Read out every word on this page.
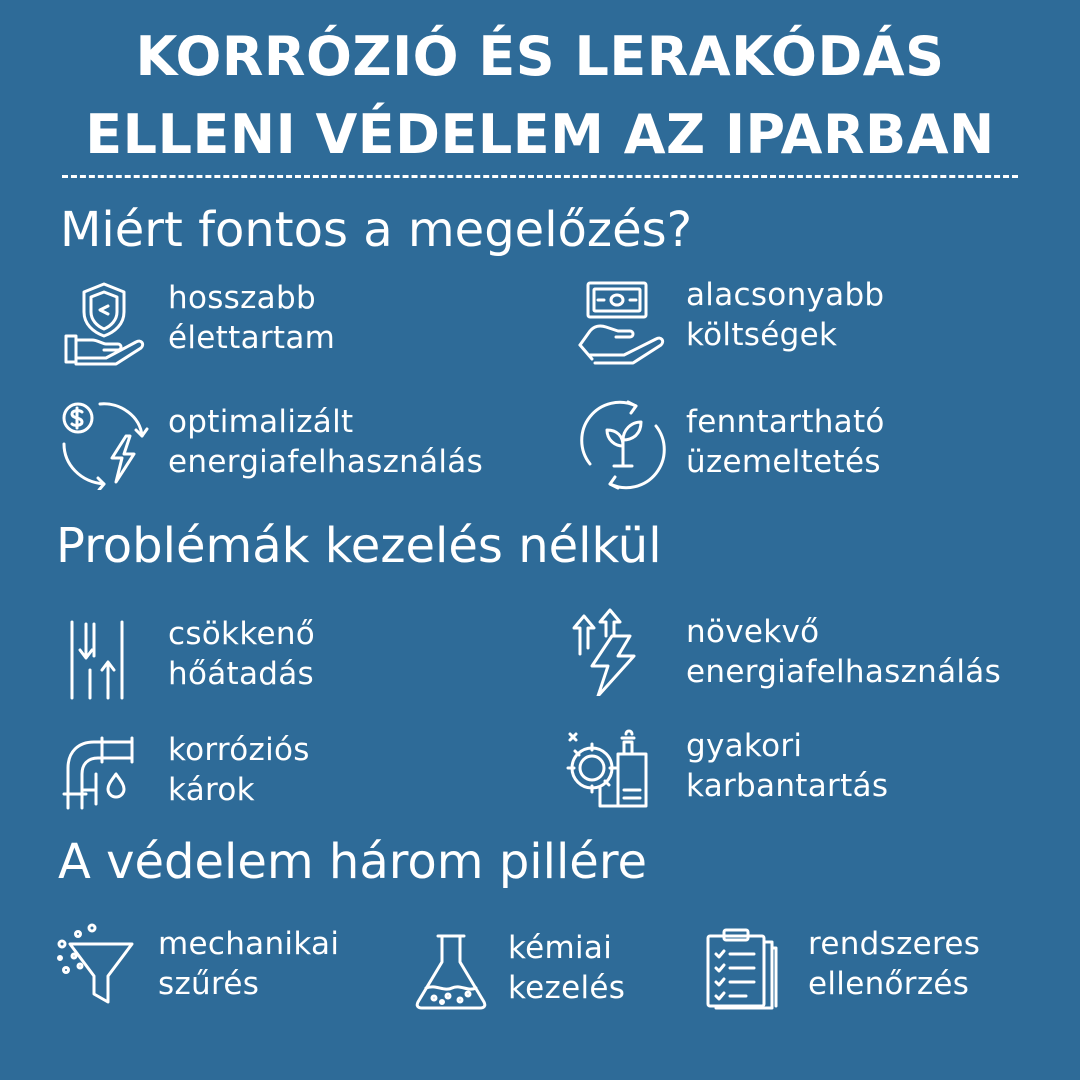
KORRÓZIÓ ÉS LERAKÓDÁS
ELLENI VÉDELEM AZ IPARBAN
Miért fontos a megelőzés?
hosszabb
élettartam
alacsonyabb
költségek
optimalizált
energiafelhasználás
fenntartható
üzemeltetés
Problémák kezelés nélkül
csökkenő
hőátadás
növekvő
energiafelhasználás
korróziós
károk
gyakori
karbantartás
A védelem három pillére
mechanikai
szűrés
kémiai
kezelés
rendszeres
ellenőrzés
